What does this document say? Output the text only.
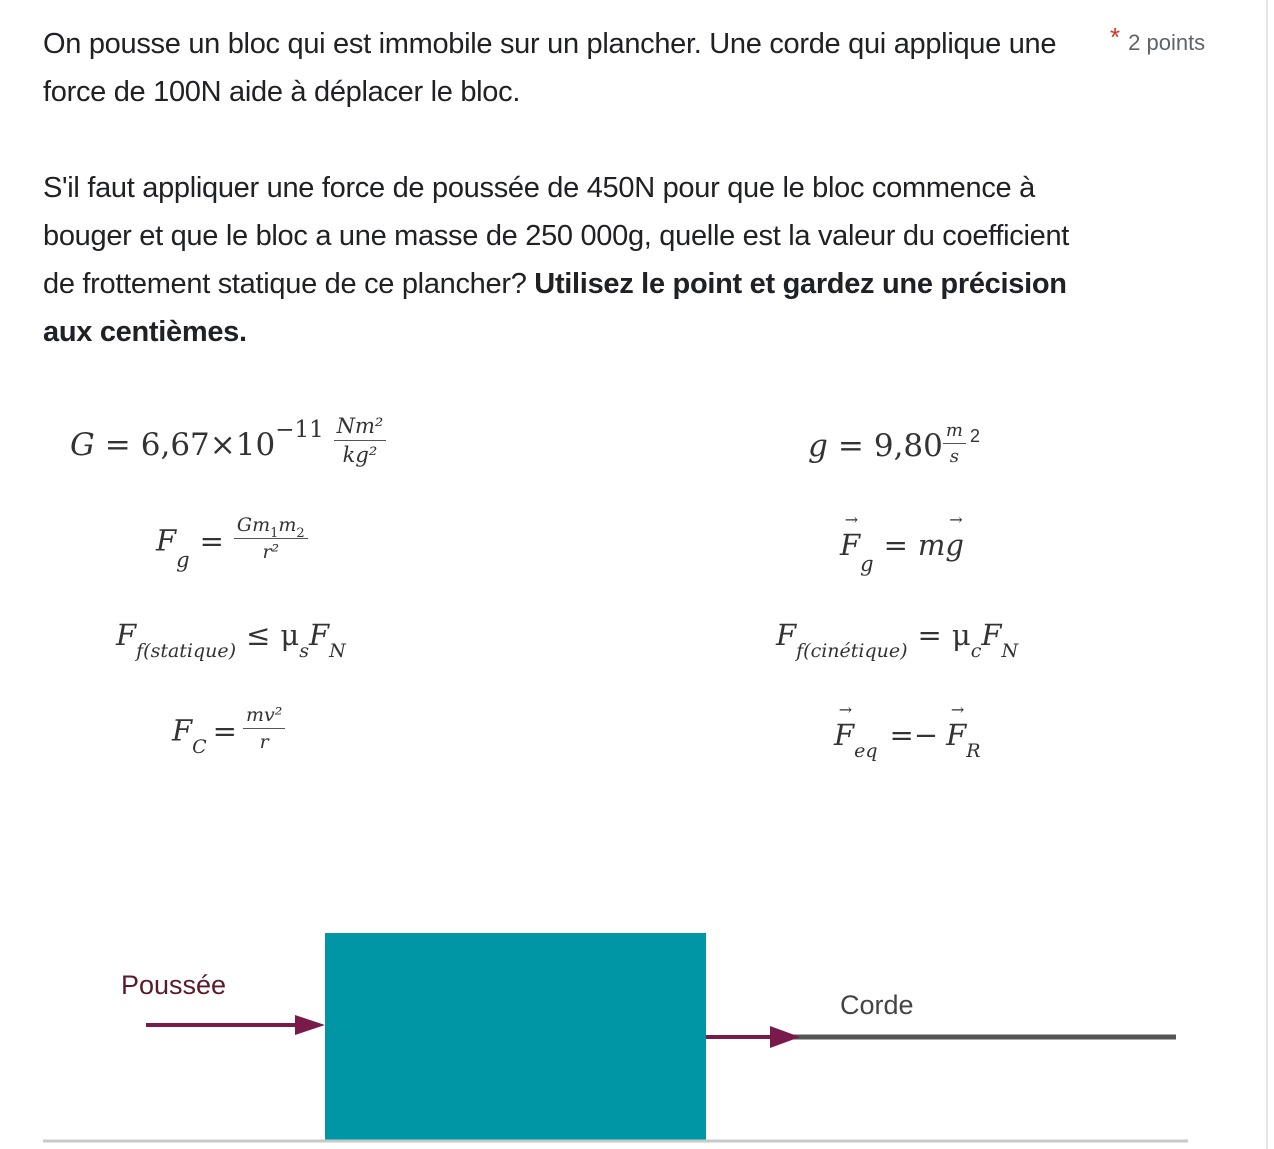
On pousse un bloc qui est immobile sur un plancher. Une corde qui applique une force de 100N aide à déplacer le bloc.

S'il faut appliquer une force de poussée de 450N pour que le bloc commence à bouger et que le bloc a une masse de 250 000g, quelle est la valeur du coefficient de frottement statique de ce plancher? Utilisez le point et gardez une précision aux centièmes.

* 2 points
$G = 6,67\times 10^{-11} \frac{\text{Nm²}}{\text{kg²}}$	$g = 9,80 \frac{m}{s} ^2$
$F_g= \frac{Gm_1m_2}{\text{r²}}$	→ $F_g= m\to g$
$F_{f(statique)} \le \mu_sF_N$	$F_{f(cinétique)} = \mu_cF_N$
$F_C = \frac{\text{mv²}}{r}$	→ $F_{eq}$ =− → $F_R$
Poussée
Corde
